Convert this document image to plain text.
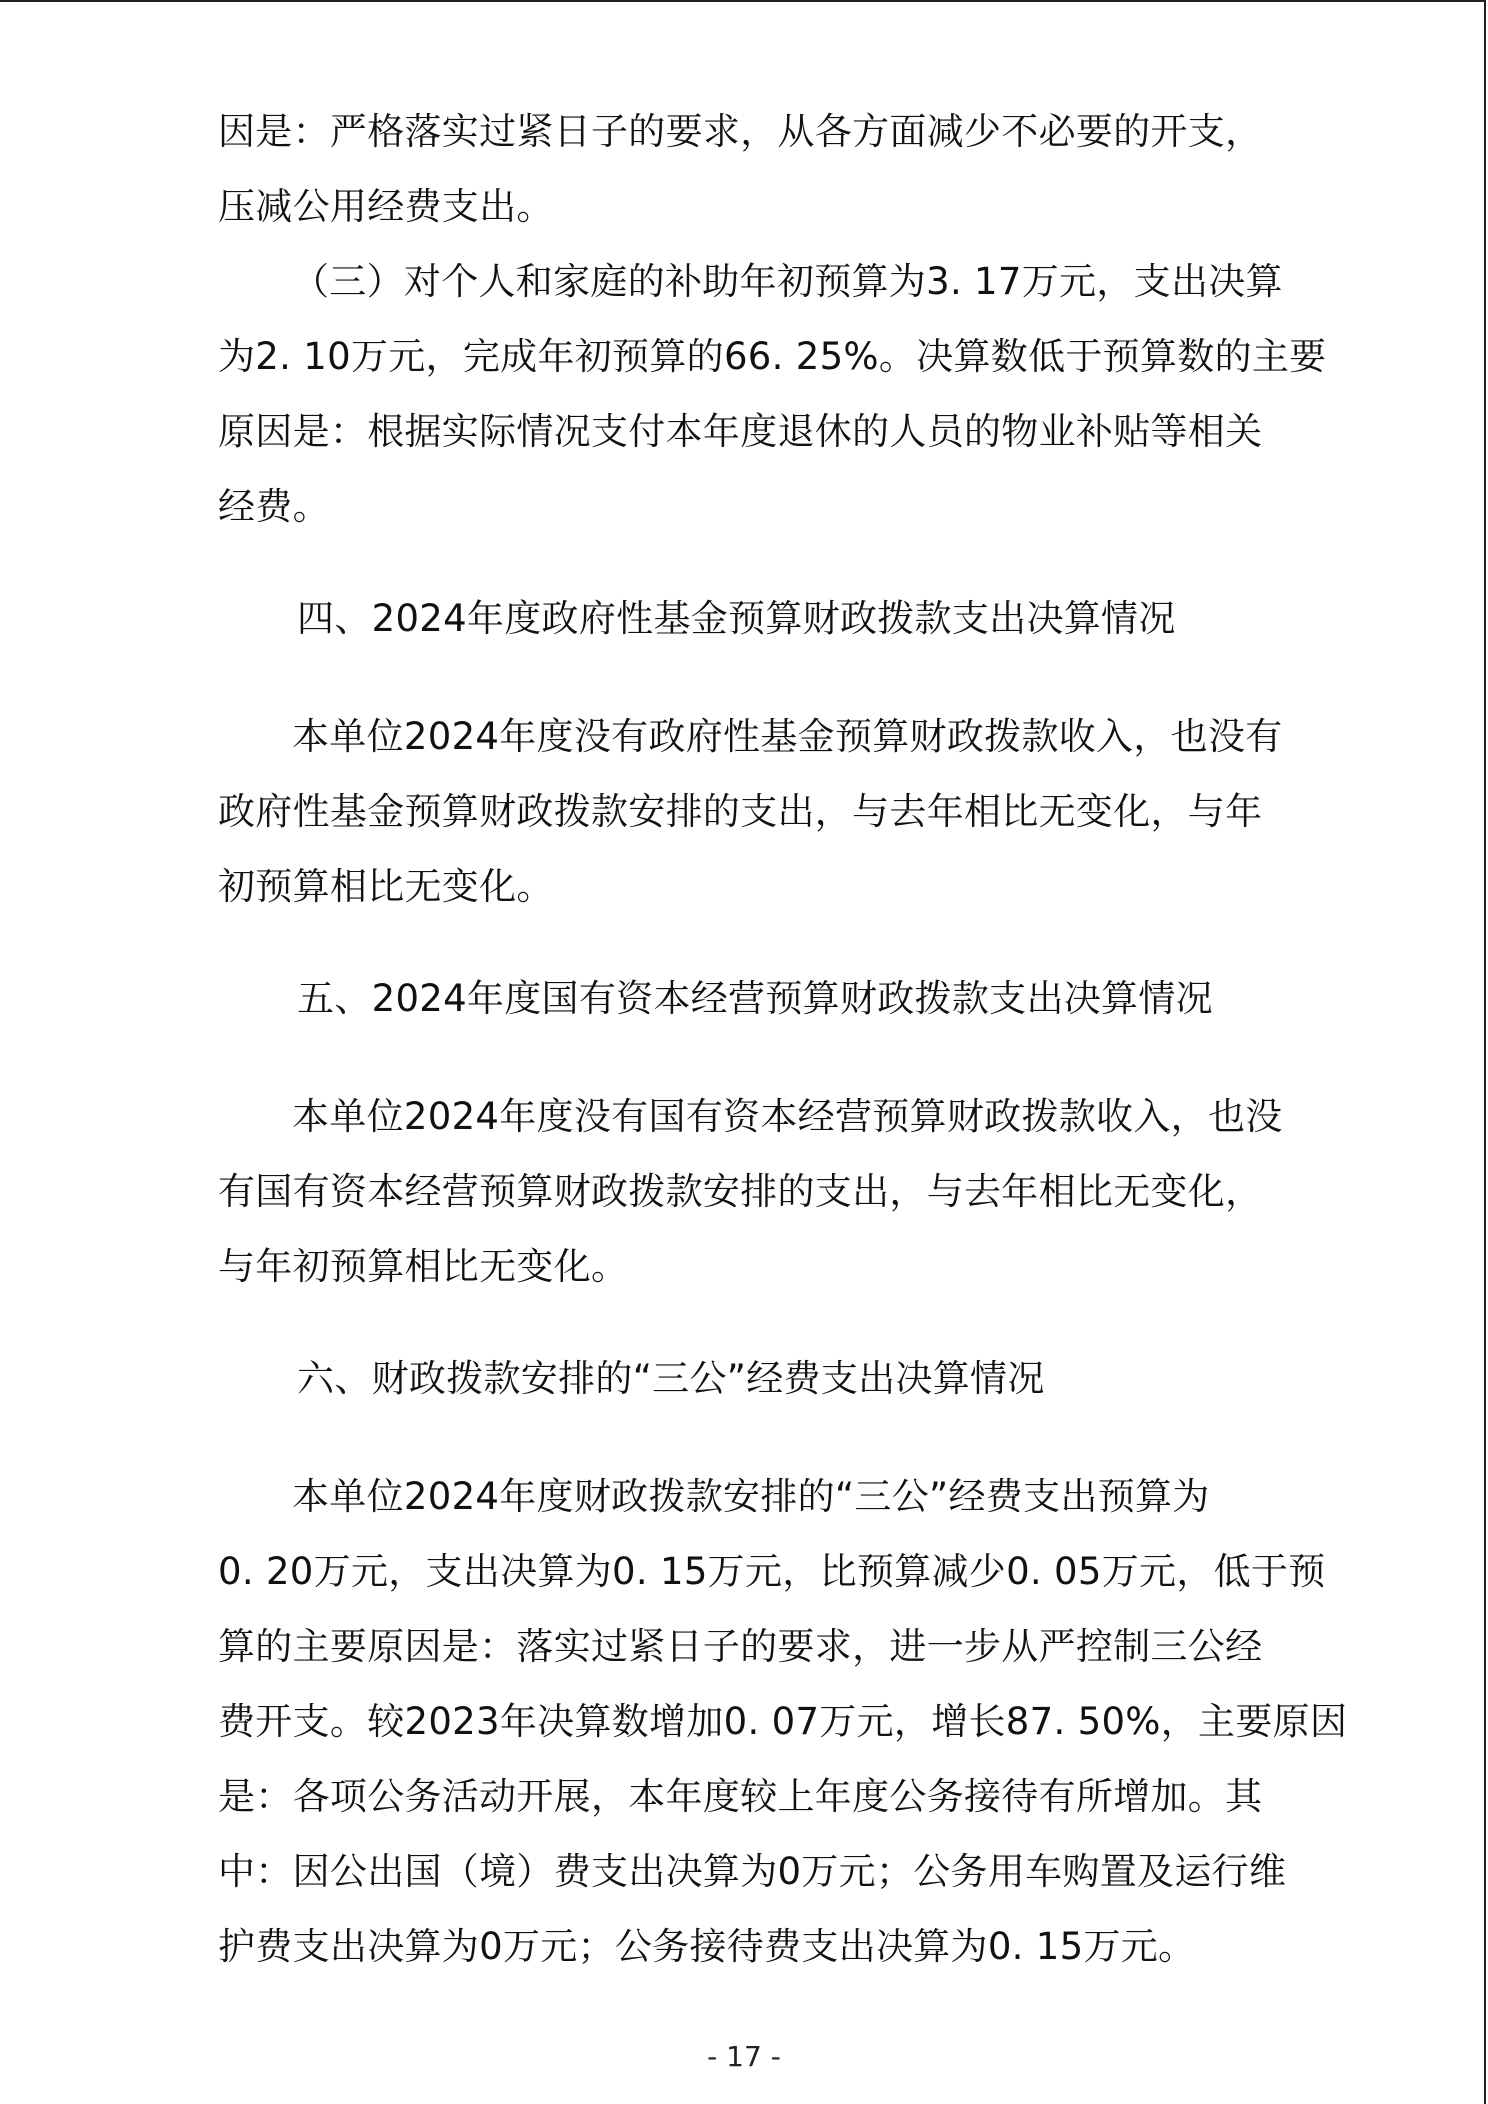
因是：严格落实过紧日子的要求，从各方面减少不必要的开支，
压减公用经费支出。
（三）对个人和家庭的补助年初预算为3. 17万元，支出决算
为2. 10万元，完成年初预算的66. 25%。决算数低于预算数的主要
原因是：根据实际情况支付本年度退休的人员的物业补贴等相关
经费。
四、2024年度政府性基金预算财政拨款支出决算情况
本单位2024年度没有政府性基金预算财政拨款收入，也没有
政府性基金预算财政拨款安排的支出，与去年相比无变化，与年
初预算相比无变化。
五、2024年度国有资本经营预算财政拨款支出决算情况
本单位2024年度没有国有资本经营预算财政拨款收入，也没
有国有资本经营预算财政拨款安排的支出，与去年相比无变化，
与年初预算相比无变化。
六、财政拨款安排的“三公”经费支出决算情况
本单位2024年度财政拨款安排的“三公”经费支出预算为
0. 20万元，支出决算为0. 15万元，比预算减少0. 05万元，低于预
算的主要原因是：落实过紧日子的要求，进一步从严控制三公经
费开支。较2023年决算数增加0. 07万元，增长87. 50%，主要原因
是：各项公务活动开展，本年度较上年度公务接待有所增加。其
中：因公出国（境）费支出决算为0万元；公务用车购置及运行维
护费支出决算为0万元；公务接待费支出决算为0. 15万元。
- 17 -
